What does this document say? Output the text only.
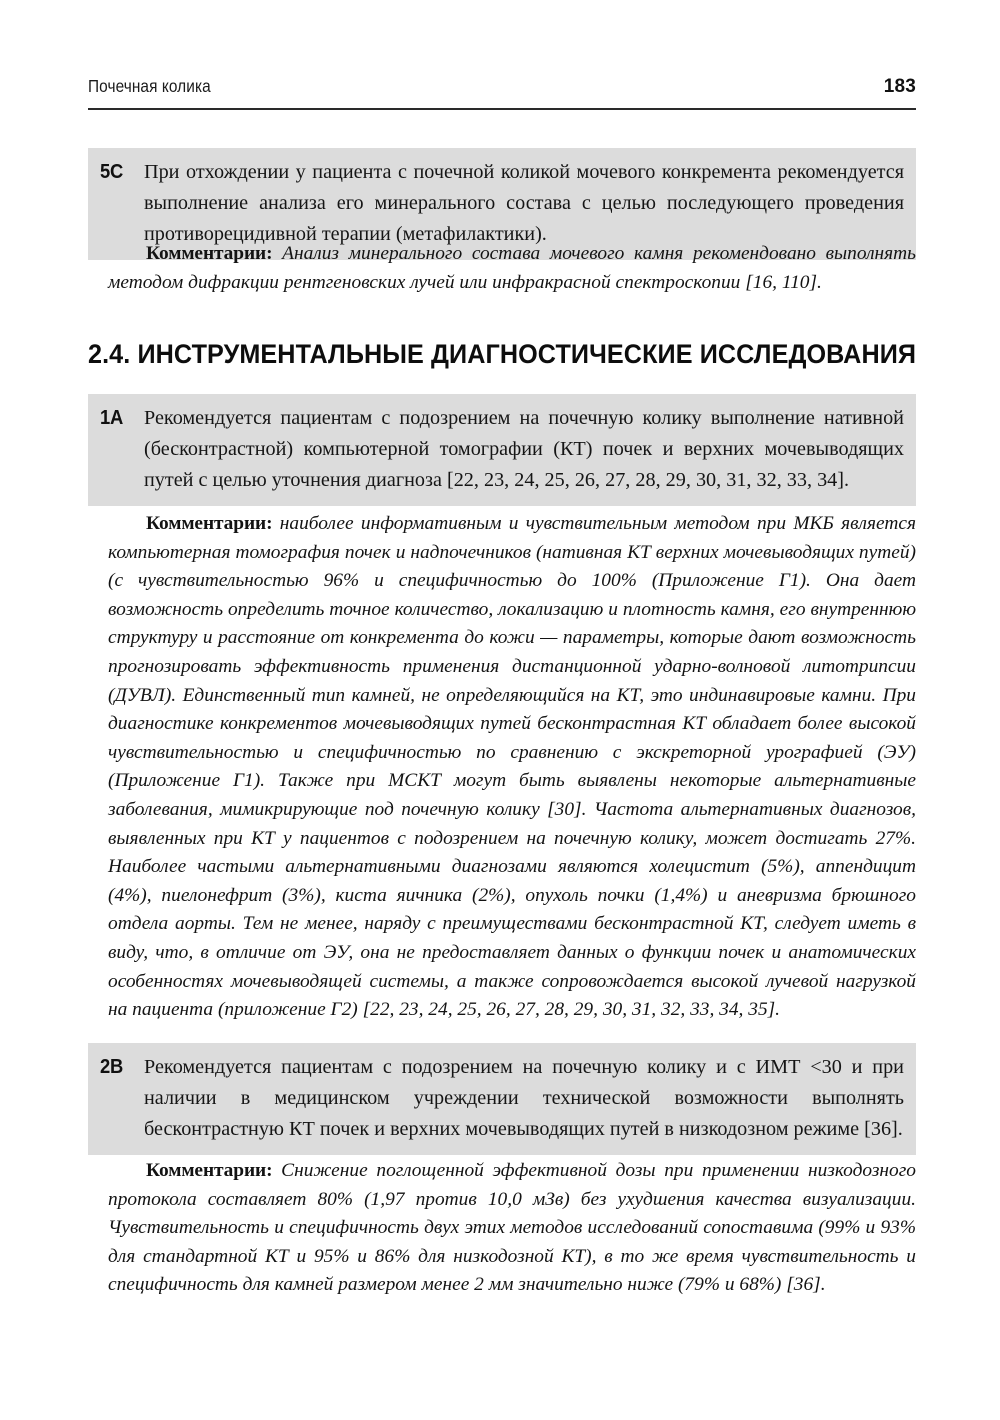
Почечная колика	183
5C	При отхождении у пациента с почечной коликой мочевого конкремента рекомендуется выполнение анализа его минерального состава с целью последующего проведения противорецидивной терапии (метафилактики).
Комментарии: Анализ минерального состава мочевого камня рекомендовано выполнять методом дифракции рентгеновских лучей или инфракрасной спектроскопии [16, 110].
2.4. ИНСТРУМЕНТАЛЬНЫЕ ДИАГНОСТИЧЕСКИЕ ИССЛЕДОВАНИЯ
1A	Рекомендуется пациентам с подозрением на почечную колику выполнение нативной (бесконтрастной) компьютерной томографии (КТ) почек и верхних мочевыводящих путей с целью уточнения диагноза [22, 23, 24, 25, 26, 27, 28, 29, 30, 31, 32, 33, 34].
Комментарии: наиболее информативным и чувствительным методом при МКБ является компьютерная томография почек и надпочечников (нативная КТ верхних мочевыводящих путей) (с чувствительностью 96% и специфичностью до 100% (Приложение Г1). Она дает возможность определить точное количество, локализацию и плотность камня, его внутреннюю структуру и расстояние от конкремента до кожи — параметры, которые дают возможность прогнозировать эффективность применения дистанционной ударно-волновой литотрипсии (ДУВЛ). Единственный тип камней, не определяющийся на КТ, это индинавировые камни. При диагностике конкрементов мочевыводящих путей бесконтрастная КТ обладает более высокой чувствительностью и специфичностью по сравнению с экскреторной урографией (ЭУ) (Приложение Г1). Также при МСКТ могут быть выявлены некоторые альтернативные заболевания, мимикрирующие под почечную колику [30]. Частота альтернативных диагнозов, выявленных при КТ у пациентов с подозрением на почечную колику, может достигать 27%. Наиболее частыми альтернативными диагнозами являются холецистит (5%), аппендицит (4%), пиелонефрит (3%), киста яичника (2%), опухоль почки (1,4%) и аневризма брюшного отдела аорты. Тем не менее, наряду с преимуществами бесконтрастной КТ, следует иметь в виду, что, в отличие от ЭУ, она не предоставляет данных о функции почек и анатомических особенностях мочевыводящей системы, а также сопровождается высокой лучевой нагрузкой на пациента (приложение Г2) [22, 23, 24, 25, 26, 27, 28, 29, 30, 31, 32, 33, 34, 35].
2B	Рекомендуется пациентам с подозрением на почечную колику и с ИМТ <30 и при наличии в медицинском учреждении технической возможности выполнять бесконтрастную КТ почек и верхних мочевыводящих путей в низкодозном режиме [36].
Комментарии: Снижение поглощенной эффективной дозы при применении низкодозного протокола составляет 80% (1,97 против 10,0 мЗв) без ухудшения качества визуализации. Чувствительность и специфичность двух этих методов исследований сопоставима (99% и 93% для стандартной КТ и 95% и 86% для низкодозной КТ), в то же время чувствительность и специфичность для камней размером менее 2 мм значительно ниже (79% и 68%) [36].
